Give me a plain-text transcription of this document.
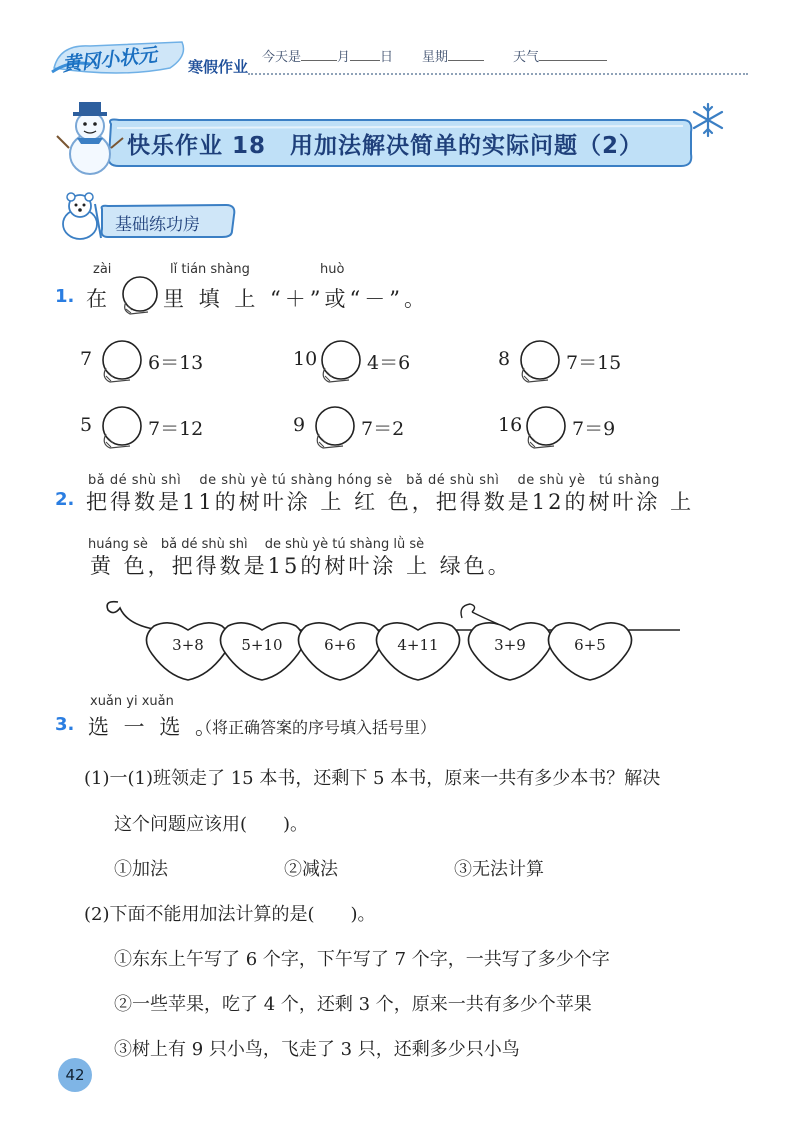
黄冈小状元 寒假作业
今天是	月 日 星期	天气
快乐作业 18　用加法解决简单的实际问题（2）
基础练功房
zài	lǐ tián shàng	huò
1. 在 里 填 上 “＋”或“－”。
7	6＝13	10	4＝6	8	7＝15
5	7＝12	9	7＝2	16	7＝9
bǎ dé shù shì　 de shù yè tú shàng hóng sè　bǎ dé shù shì　 de shù yè　tú shàng
2. 把得数是11的树叶涂 上 红 色，把得数是12的树叶涂 上
huáng sè　bǎ dé shù shì　 de shù yè tú shàng lǜ sè
黄 色，把得数是15的树叶涂 上 绿色。
3+8	5+10	6+6	4+11	3+9	6+5
xuǎn yi xuǎn
3. 选 一 选 。
（将正确答案的序号填入括号里）
(1)一(1)班领走了 15 本书，还剩下 5 本书，原来一共有多少本书？解决
这个问题应该用(　　)。
①加法	②减法	③无法计算
(2)下面不能用加法计算的是(　　)。
①东东上午写了 6 个字，下午写了 7 个字，一共写了多少个字
②一些苹果，吃了 4 个，还剩 3 个，原来一共有多少个苹果
③树上有 9 只小鸟，飞走了 3 只，还剩多少只小鸟
42
